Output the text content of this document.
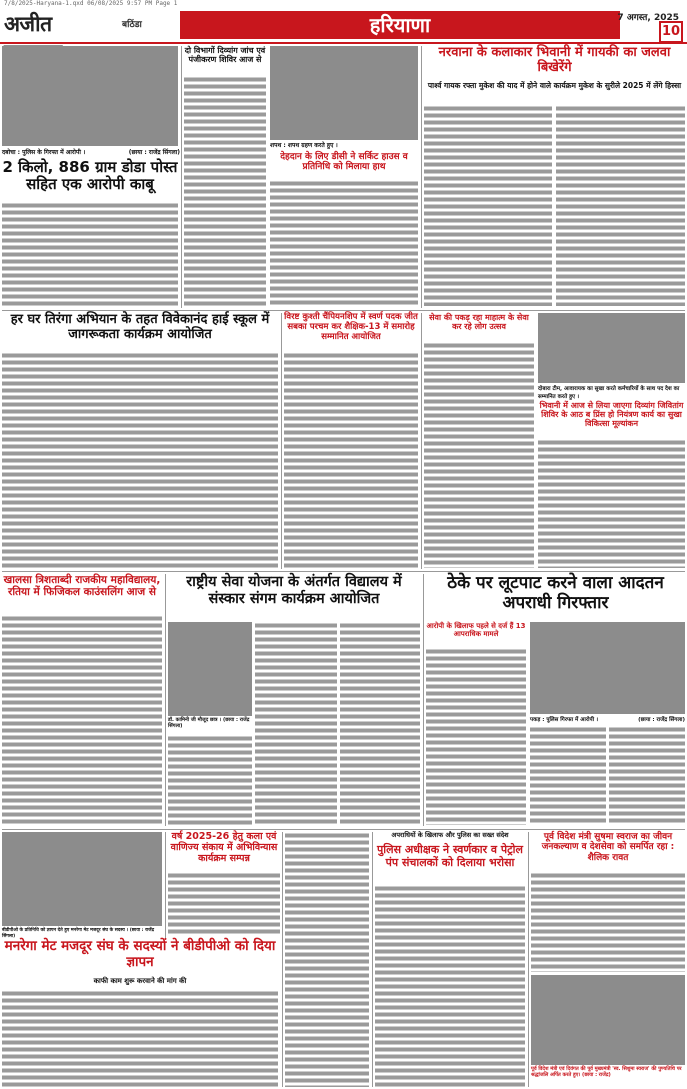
7/8/2025-Haryana-1.qxd 06/08/2025 9:57 PM Page 1
अजीत	बठिंडा	हरियाणा	7 अगस्त, 2025
10
दबोचा : पुलिस के गिरफ्त में आरोपी ।	(छाया : राजेंद्र सिंगला)
2 किलो, 886 ग्राम डोडा पोस्त सहित एक आरोपी काबू
दो विभागों दिव्यांग जांच एवं पंजीकरण शिविर आज से
शपथ : शपथ ग्रहण करते हुए ।
देहदान के लिए डीसी ने सर्किट हाउस व प्रतिनिधि को मिलाया हाथ
नरवाना के कलाकार भिवानी में गायकी का जलवा बिखेरेंगे
पार्श्व गायक रफ्ता मुकेश की याद में होने वाले कार्यक्रम मुकेश के सुरीले 2025 में लेंगे हिस्सा
हर घर तिरंगा अभियान के तहत विवेकानंद हाई स्कूल में जागरूकता कार्यक्रम आयोजित
विरष्ट कुश्ती चैंपियनशिप में स्वर्ण पदक जीत सबका परचम कर शैक्षिक-13 में समारोह सम्मानित आयोजित
सेवा की पकड़ रहा माहात्म के सेवा कर रहे लोग उत्सव
दोबारा टीम, आवारायक का सुखा करते कर्मचारियों के साथ पद देश का सम्मानित करते हुए ।
भिवानी में आज से लिया जाएगा दिव्यांग जिवितांग शिविर के आठ ब प्रिंस हो नियंत्रण कार्य का सुखा विकित्सा मूल्यांकन
खालसा त्रिशताब्दी राजकीय महाविद्यालय, रतिया में फिजिकल काउंसलिंग आज से
राष्ट्रीय सेवा योजना के अंतर्गत विद्यालय में संस्कार संगम कार्यक्रम आयोजित
डॉ. कामिनी जी मौजूद छात्र । (छाया : राजेंद्र सिंगला)
ठेके पर लूटपाट करने वाला आदतन अपराधी गिरफ्तार
आरोपी के खिलाफ पहले से दर्ज हैं 13 आपराधिक मामले
पकड़ : पुलिस गिरफ्त में आरोपी ।	(छाया : राजेंद्र सिंगला)
बीडीपीओ के प्रतिनिधि को ज्ञापन देते हुए मनरेगा मेट मजदूर संघ के सदस्य । (छाया : राजेंद्र सिंगला)
मनरेगा मेट मजदूर संघ के सदस्यों ने बीडीपीओ को दिया ज्ञापन
काफी काम शुरू करवाने की मांग की
वर्ष 2025-26 हेतु कला एवं वाणिज्य संकाय में अभिविन्यास कार्यक्रम सम्पन्न
अपराधियों के खिलाफ और पुलिस का सख्त संदेश
पुलिस अधीक्षक ने स्वर्णकार व पेट्रोल पंप संचालकों को दिलाया भरोसा
पूर्व विदेश मंत्री सुषमा स्वराज का जीवन जनकल्याण व देशसेवा को समर्पित रहा : शैलिक रावत
पूर्व विदेश मंत्री एवं दिवंगत की पूर्व मुख्यमंत्री 'स्व. सिशुमा स्वराज' की पुण्यतिथि पर श्रद्धांजलि अर्पित करते हुए। (छाया : राजेंद्र)
